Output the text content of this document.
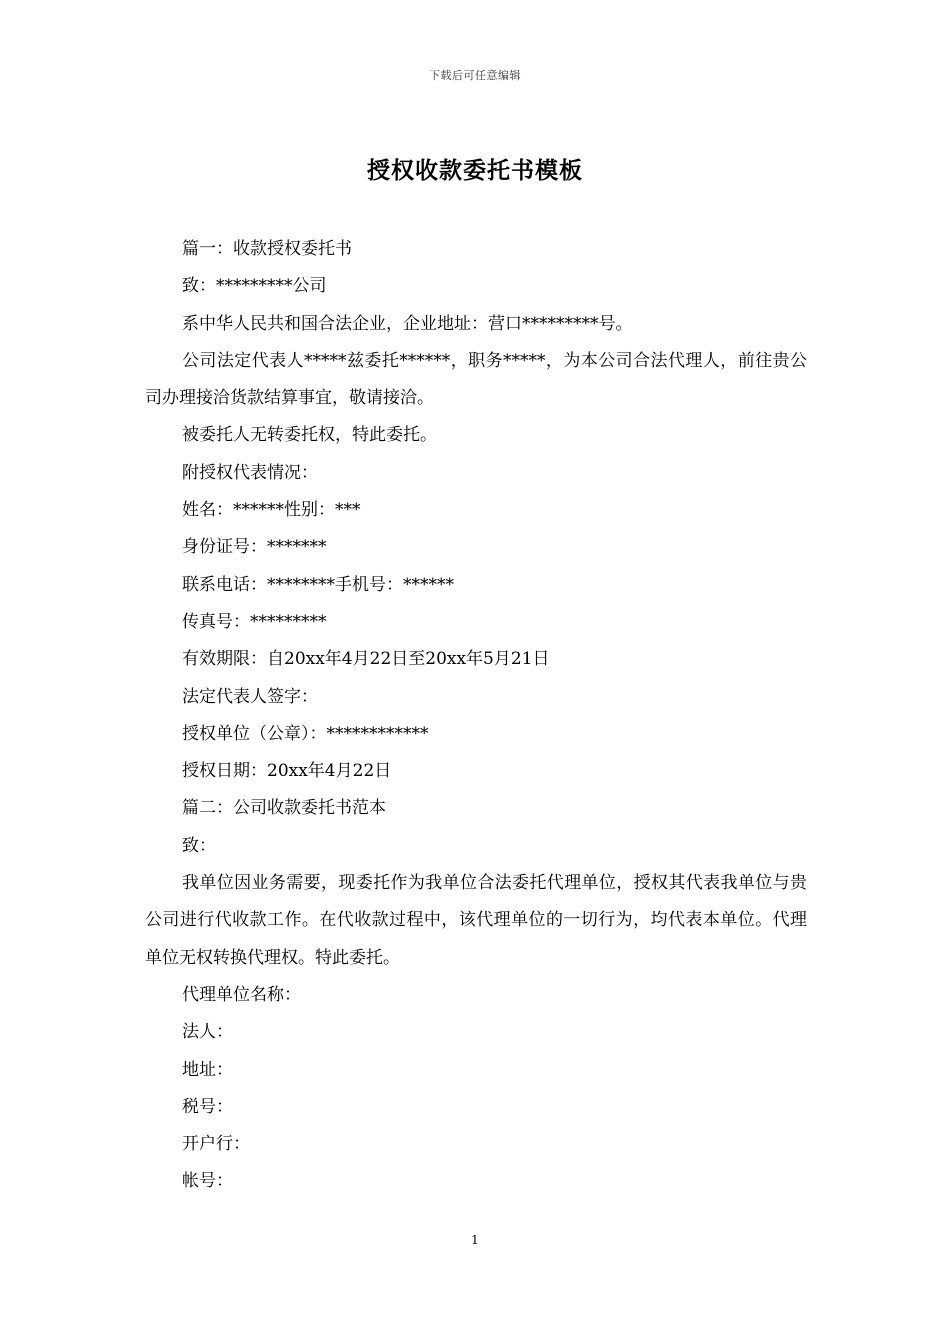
下载后可任意编辑
授权收款委托书模板

篇一：收款授权委托书

致：*********公司

系中华人民共和国合法企业，企业地址：营口*********号。

公司法定代表人*****兹委托******，职务*****，为本公司合法代理人，前往贵公司办理接洽货款结算事宜，敬请接洽。

被委托人无转委托权，特此委托。

附授权代表情况：

姓名：******性别：***

身份证号：*******

联系电话：********手机号：******

传真号：*********

有效期限：自20xx年4月22日至20xx年5月21日

法定代表人签字：

授权单位（公章）：************

授权日期：20xx年4月22日

篇二：公司收款委托书范本

致：

我单位因业务需要，现委托作为我单位合法委托代理单位，授权其代表我单位与贵公司进行代收款工作。在代收款过程中，该代理单位的一切行为，均代表本单位。代理单位无权转换代理权。特此委托。

代理单位名称：

法人：

地址：

税号：

开户行：

帐号：

1
